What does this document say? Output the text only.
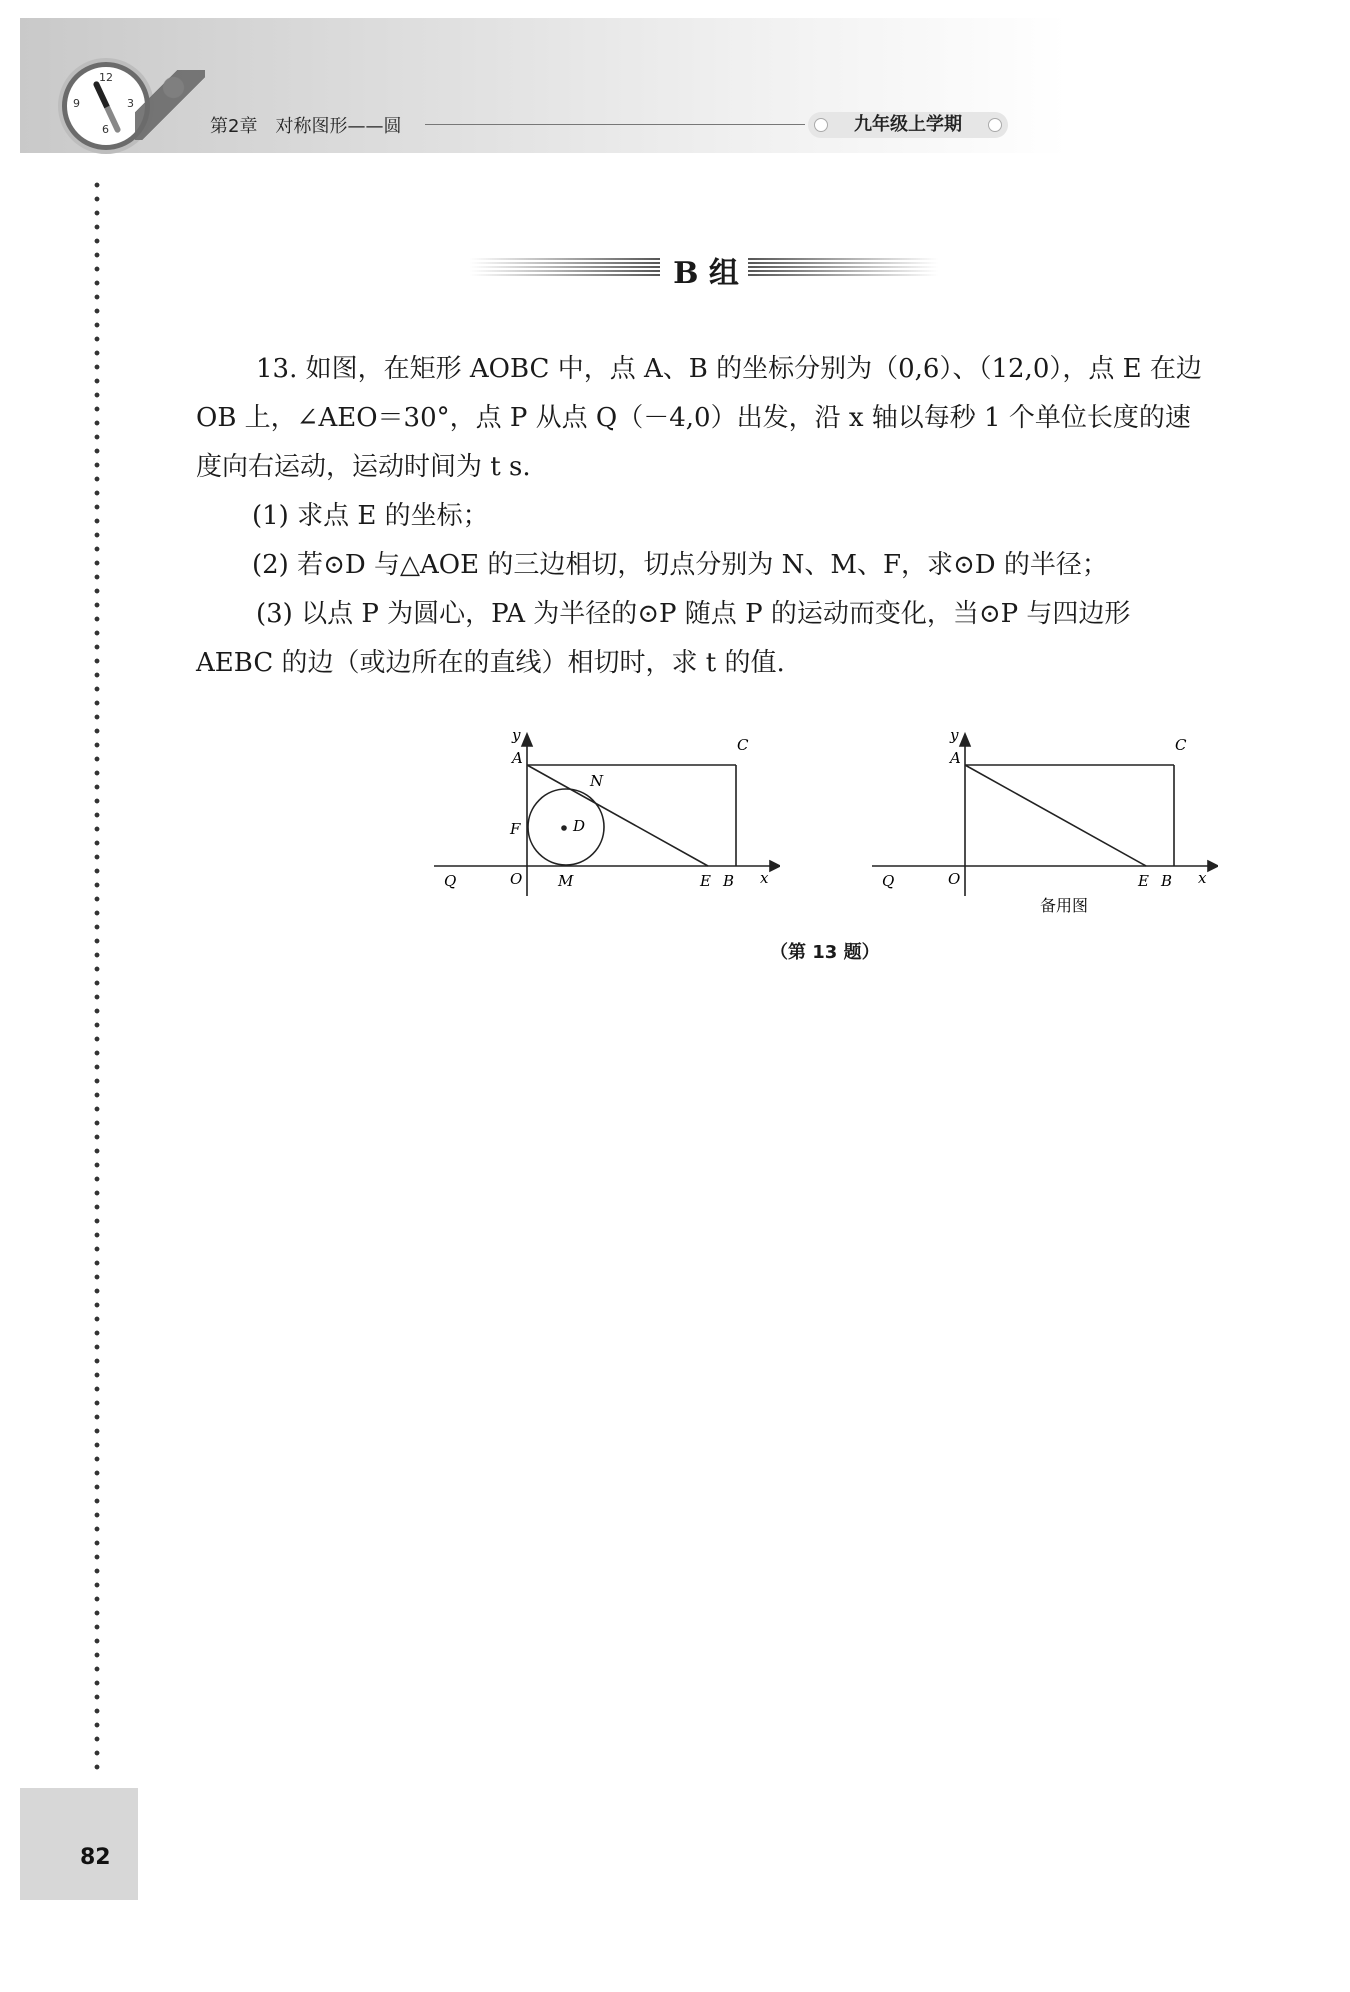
12
9	3
6	第2章　对称图形——圆	九年级上学期
82
B 组

13. 如图，在矩形 AOBC 中，点 A、B 的坐标分别为（0,6）、（12,0），点 E 在边 OB 上，∠AEO＝30°，点 P 从点 Q（－4,0）出发，沿 x 轴以每秒 1 个单位长度的速度向右运动，运动时间为 t s.

(1) 求点 E 的坐标；

(2) 若⊙D 与△AOE 的三边相切，切点分别为 N、M、F，求⊙D 的半径；

(3) 以点 P 为圆心，PA 为半径的⊙P 随点 P 的运动而变化，当⊙P 与四边形 AEBC 的边（或边所在的直线）相切时，求 t 的值.

y
A
C
N
F	D
O
Q	M	E B x
y
A
C
O
Q	E B x
备用图
（第 13 题）
